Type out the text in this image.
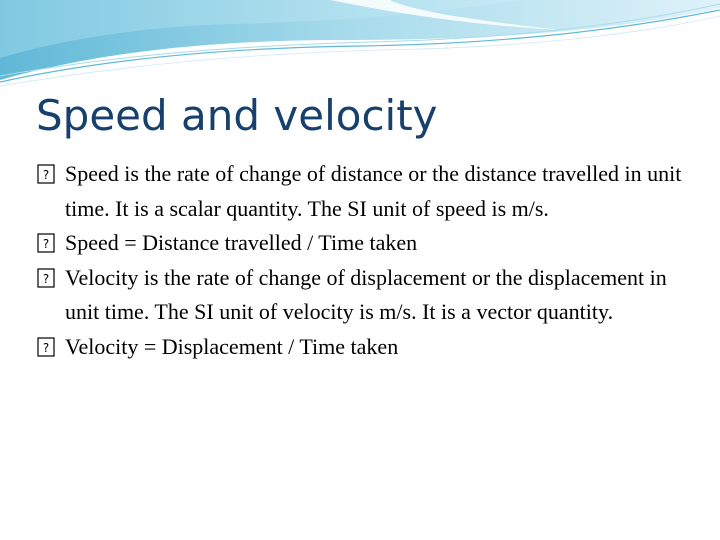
Speed and velocity
? Speed is the rate of change of distance or the distance travelled in unit time. It is a scalar quantity. The SI unit of speed is m/s.
? Speed = Distance travelled / Time taken
? Velocity is the rate of change of displacement or the displacement in unit time. The SI unit of velocity is m/s. It is a vector quantity.
? Velocity = Displacement / Time taken
